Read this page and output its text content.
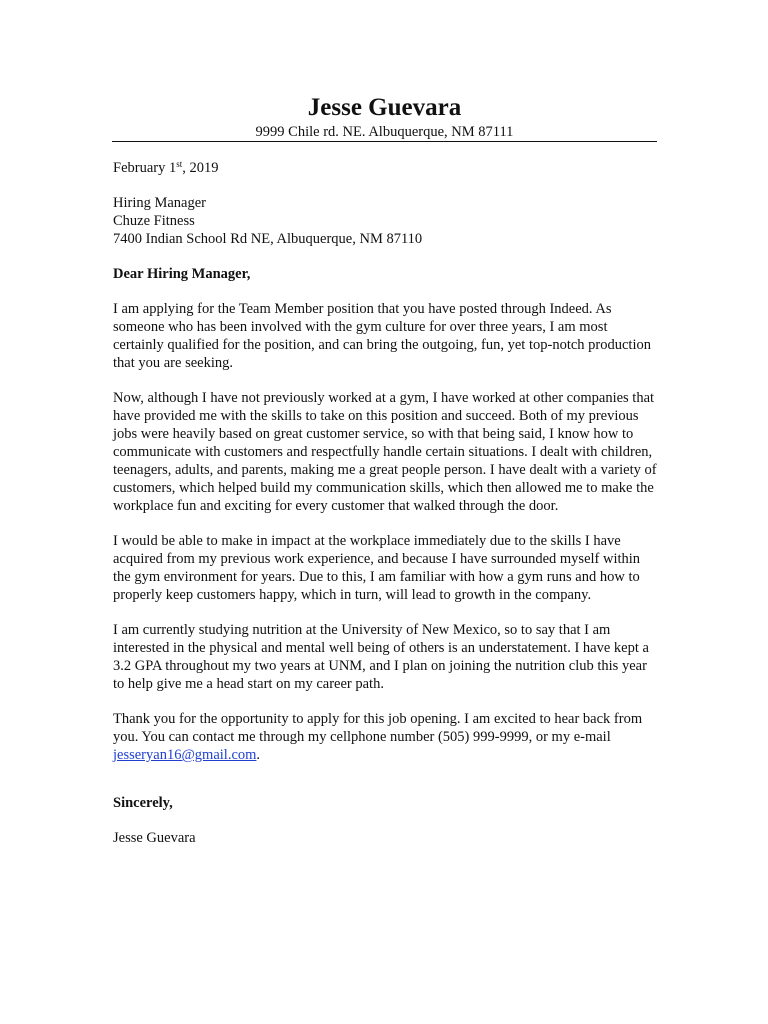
Jesse Guevara
9999 Chile rd. NE. Albuquerque, NM 87111

February 1st, 2019

Hiring Manager
Chuze Fitness
7400 Indian School Rd NE, Albuquerque, NM 87110

Dear Hiring Manager,

I am applying for the Team Member position that you have posted through Indeed. As someone who has been involved with the gym culture for over three years, I am most certainly qualified for the position, and can bring the outgoing, fun, yet top-notch production that you are seeking.

Now, although I have not previously worked at a gym, I have worked at other companies that have provided me with the skills to take on this position and succeed. Both of my previous jobs were heavily based on great customer service, so with that being said, I know how to communicate with customers and respectfully handle certain situations. I dealt with children, teenagers, adults, and parents, making me a great people person. I have dealt with a variety of customers, which helped build my communication skills, which then allowed me to make the workplace fun and exciting for every customer that walked through the door.

I would be able to make in impact at the workplace immediately due to the skills I have acquired from my previous work experience, and because I have surrounded myself within the gym environment for years. Due to this, I am familiar with how a gym runs and how to properly keep customers happy, which in turn, will lead to growth in the company.

I am currently studying nutrition at the University of New Mexico, so to say that I am interested in the physical and mental well being of others is an understatement. I have kept a 3.2 GPA throughout my two years at UNM, and I plan on joining the nutrition club this year to help give me a head start on my career path.

Thank you for the opportunity to apply for this job opening. I am excited to hear back from you. You can contact me through my cellphone number (505) 999-9999, or my e-mail jesseryan16@gmail.com.

Sincerely,

Jesse Guevara
